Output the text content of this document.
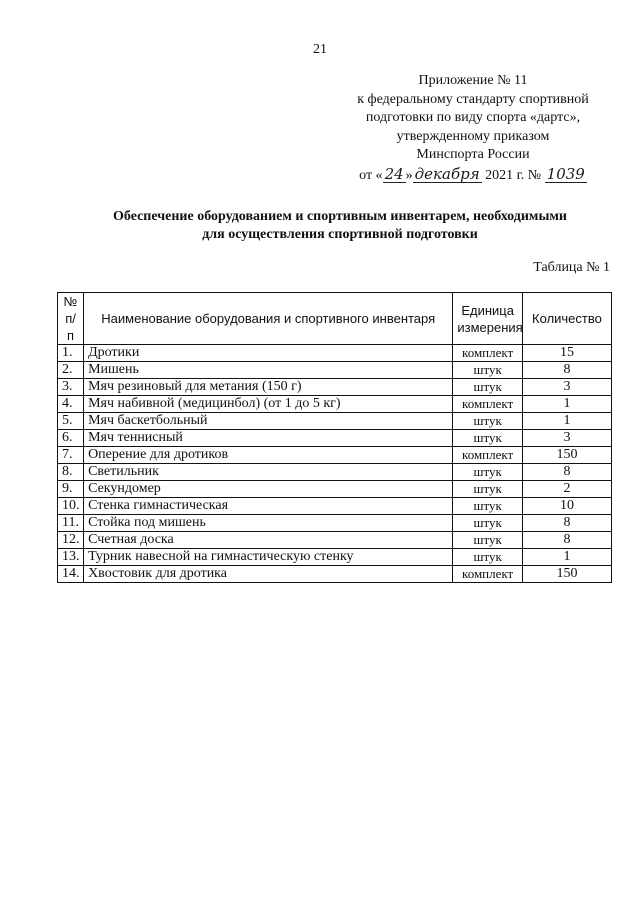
21
Приложение № 11
к федеральному стандарту спортивной
подготовки по виду спорта «дартс»,
утвержденному приказом
Минспорта России
от « 24 » декабря 2021 г. № 1039
Обеспечение оборудованием и спортивным инвентарем, необходимыми
для осуществления спортивной подготовки
Таблица № 1
№ п/п	Наименование оборудования и спортивного инвентаря	Единица измерения	Количество
1.	Дротики	комплект	15
2.	Мишень	штук	8
3.	Мяч резиновый для метания (150 г)	штук	3
4.	Мяч набивной (медицинбол) (от 1 до 5 кг)	комплект	1
5.	Мяч баскетбольный	штук	1
6.	Мяч теннисный	штук	3
7.	Оперение для дротиков	комплект	150
8.	Светильник	штук	8
9.	Секундомер	штук	2
10.	Стенка гимнастическая	штук	10
11.	Стойка под мишень	штук	8
12.	Счетная доска	штук	8
13.	Турник навесной на гимнастическую стенку	штук	1
14.	Хвостовик для дротика	комплект	150
